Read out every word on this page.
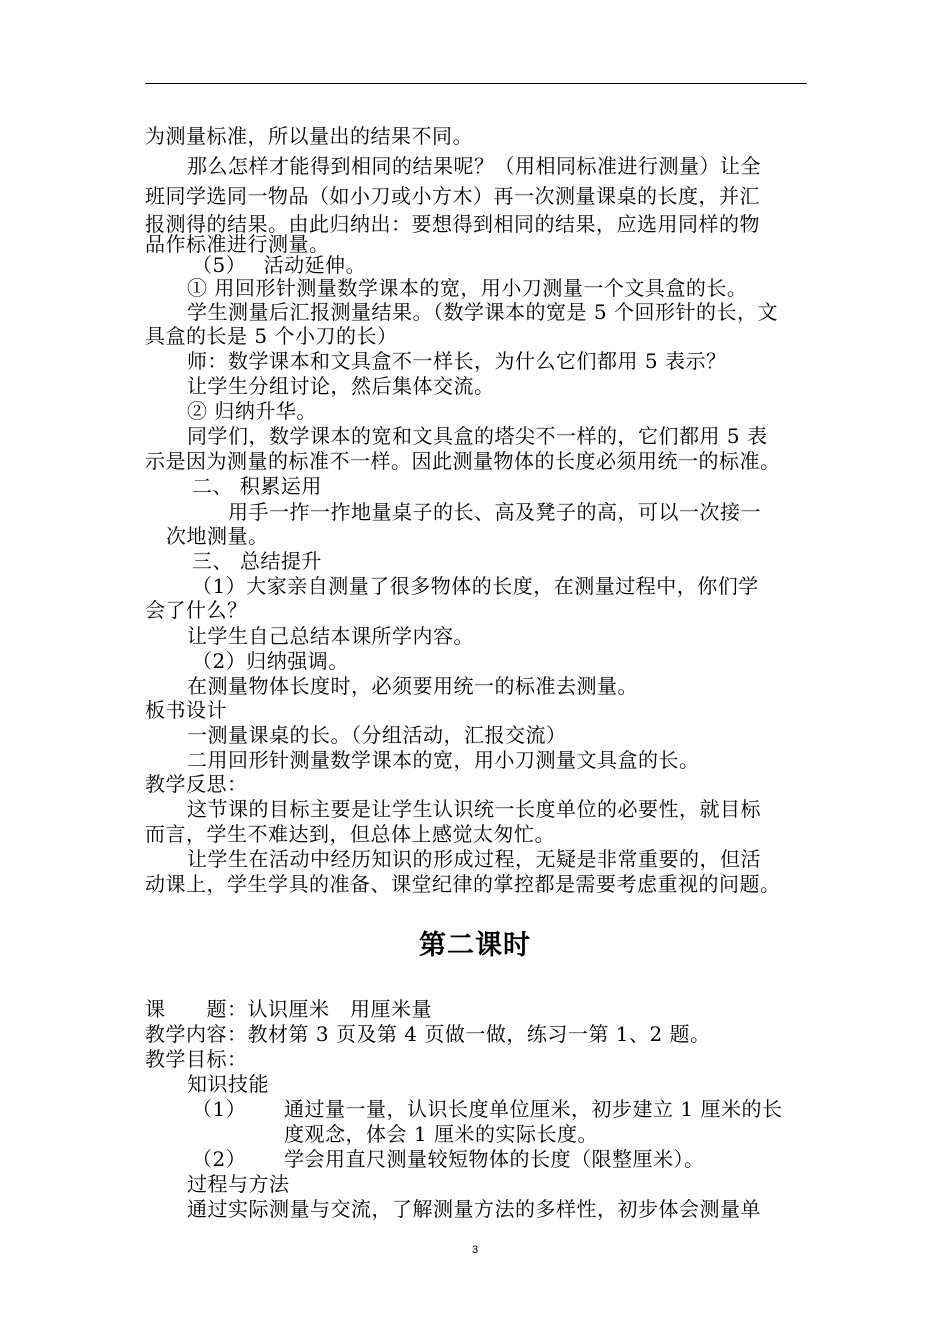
为测量标准，所以量出的结果不同。
那么怎样才能得到相同的结果呢？（用相同标准进行测量）让全
班同学选同一物品（如小刀或小方木）再一次测量课桌的长度，并汇
报测得的结果。由此归纳出：要想得到相同的结果，应选用同样的物
品作标准进行测量。
（5）　 活动延伸。
① 用回形针测量数学课本的宽，用小刀测量一个文具盒的长。
学生测量后汇报测量结果。（数学课本的宽是 5 个回形针的长，文
具盒的长是 5 个小刀的长）
师：数学课本和文具盒不一样长，为什么它们都用 5 表示？
让学生分组讨论，然后集体交流。
② 归纳升华。
同学们，数学课本的宽和文具盒的塔尖不一样的，它们都用 5 表
示是因为测量的标准不一样。因此测量物体的长度必须用统一的标准。
二、 积累运用
用手一拃一拃地量桌子的长、高及凳子的高，可以一次接一
次地测量。
三、 总结提升
（1）大家亲自测量了很多物体的长度，在测量过程中，你们学
会了什么？
让学生自己总结本课所学内容。
（2）归纳强调。
在测量物体长度时，必须要用统一的标准去测量。
板书设计
一测量课桌的长。（分组活动，汇报交流）
二用回形针测量数学课本的宽，用小刀测量文具盒的长。
教学反思：
这节课的目标主要是让学生认识统一长度单位的必要性，就目标
而言，学生不难达到，但总体上感觉太匆忙。
让学生在活动中经历知识的形成过程，无疑是非常重要的，但活
动课上，学生学具的准备、课堂纪律的掌控都是需要考虑重视的问题。
第二课时
课　　题：认识厘米　用厘米量
教学内容：教材第 3 页及第 4 页做一做，练习一第 1、2 题。
教学目标：
知识技能
（1） 通过量一量，认识长度单位厘米，初步建立 1 厘米的长
度观念，体会 1 厘米的实际长度。
（2） 学会用直尺测量较短物体的长度（限整厘米）。
过程与方法
通过实际测量与交流，了解测量方法的多样性，初步体会测量单
3
